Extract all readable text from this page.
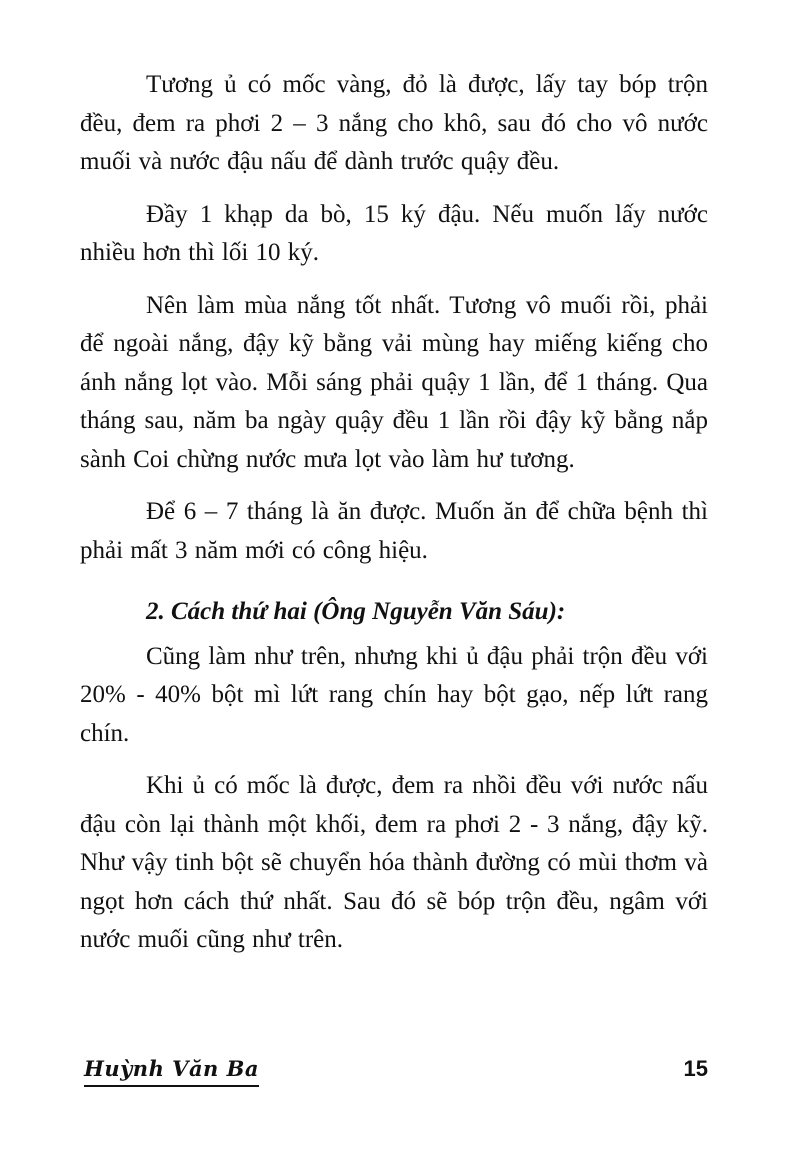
Tương ủ có mốc vàng, đỏ là được, lấy tay bóp trộn đều, đem ra phơi 2 – 3 nắng cho khô, sau đó cho vô nước muối và nước đậu nấu để dành trước quậy đều.

Đầy 1 khạp da bò, 15 ký đậu. Nếu muốn lấy nước nhiều hơn thì lối 10 ký.

Nên làm mùa nắng tốt nhất. Tương vô muối rồi, phải để ngoài nắng, đậy kỹ bằng vải mùng hay miếng kiếng cho ánh nắng lọt vào. Mỗi sáng phải quậy 1 lần, để 1 tháng. Qua tháng sau, năm ba ngày quậy đều 1 lần rồi đậy kỹ bằng nắp sành Coi chừng nước mưa lọt vào làm hư tương.

Để 6 – 7 tháng là ăn được. Muốn ăn để chữa bệnh thì phải mất 3 năm mới có công hiệu.

2. Cách thứ hai (Ông Nguyễn Văn Sáu):

Cũng làm như trên, nhưng khi ủ đậu phải trộn đều với 20% - 40% bột mì lứt rang chín hay bột gạo, nếp lứt rang chín.

Khi ủ có mốc là được, đem ra nhồi đều với nước nấu đậu còn lại thành một khối, đem ra phơi 2 - 3 nắng, đậy kỹ. Như vậy tinh bột sẽ chuyển hóa thành đường có mùi thơm và ngọt hơn cách thứ nhất. Sau đó sẽ bóp trộn đều, ngâm với nước muối cũng như trên.

Huỳnh Văn Ba	15
